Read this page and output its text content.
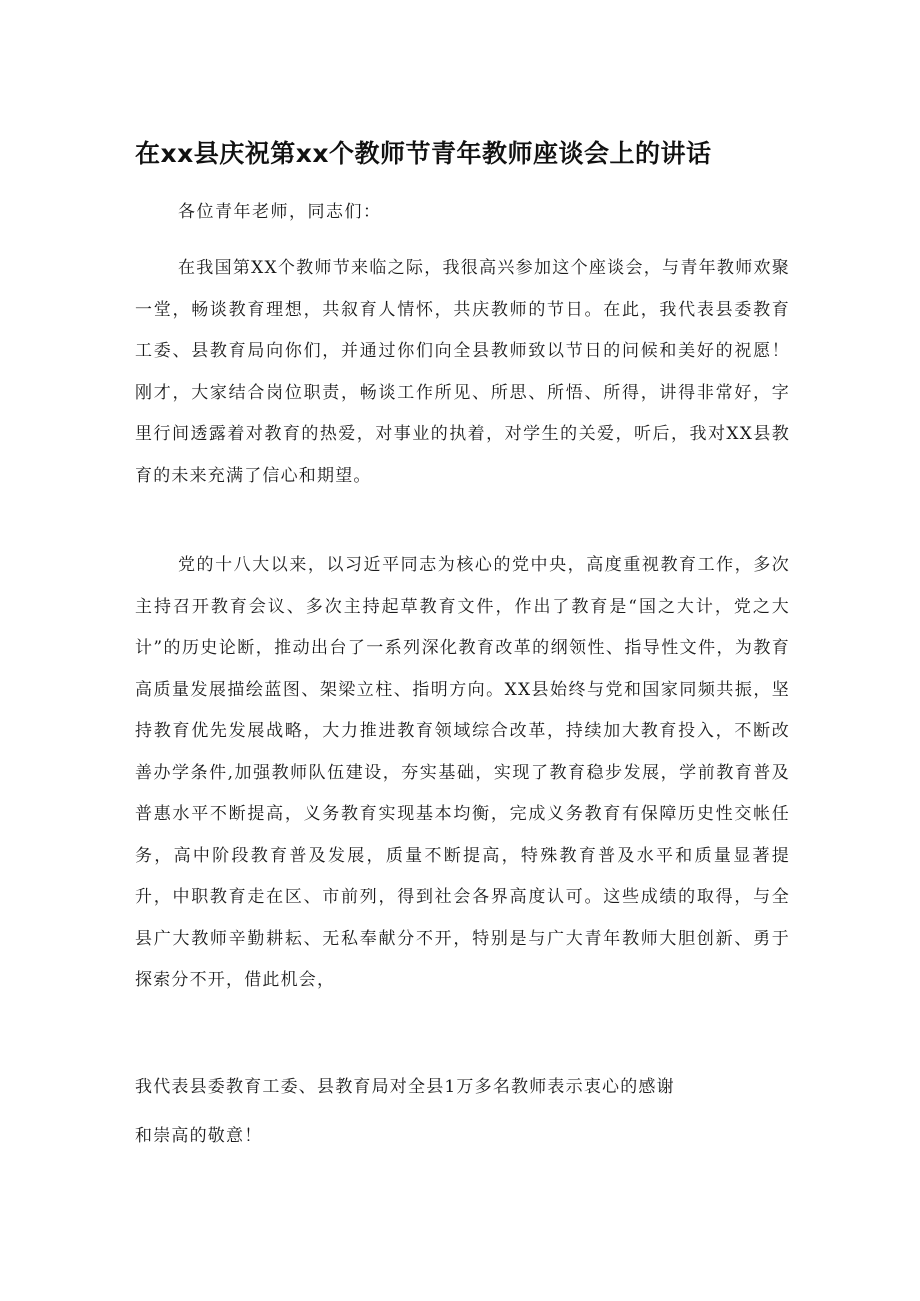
在xx县庆祝第xx个教师节青年教师座谈会上的讲话

各位青年老师，同志们：

在我国第XX个教师节来临之际，我很高兴参加这个座谈会，与青年教师欢聚一堂，畅谈教育理想，共叙育人情怀，共庆教师的节日。在此，我代表县委教育工委、县教育局向你们，并通过你们向全县教师致以节日的问候和美好的祝愿！刚才，大家结合岗位职责，畅谈工作所见、所思、所悟、所得，讲得非常好，字里行间透露着对教育的热爱，对事业的执着，对学生的关爱，听后，我对XX县教育的未来充满了信心和期望。

党的十八大以来，以习近平同志为核心的党中央，高度重视教育工作，多次主持召开教育会议、多次主持起草教育文件，作出了教育是“国之大计，党之大计”的历史论断，推动出台了一系列深化教育改革的纲领性、指导性文件，为教育高质量发展描绘蓝图、架梁立柱、指明方向。XX县始终与党和国家同频共振，坚持教育优先发展战略，大力推进教育领域综合改革，持续加大教育投入，不断改善办学条件,加强教师队伍建设，夯实基础，实现了教育稳步发展，学前教育普及普惠水平不断提高，义务教育实现基本均衡，完成义务教育有保障历史性交帐任务，高中阶段教育普及发展，质量不断提高，特殊教育普及水平和质量显著提升，中职教育走在区、市前列，得到社会各界高度认可。这些成绩的取得，与全县广大教师辛勤耕耘、无私奉献分不开，特别是与广大青年教师大胆创新、勇于探索分不开，借此机会，

我代表县委教育工委、县教育局对全县1万多名教师表示衷心的感谢

和崇高的敬意！
